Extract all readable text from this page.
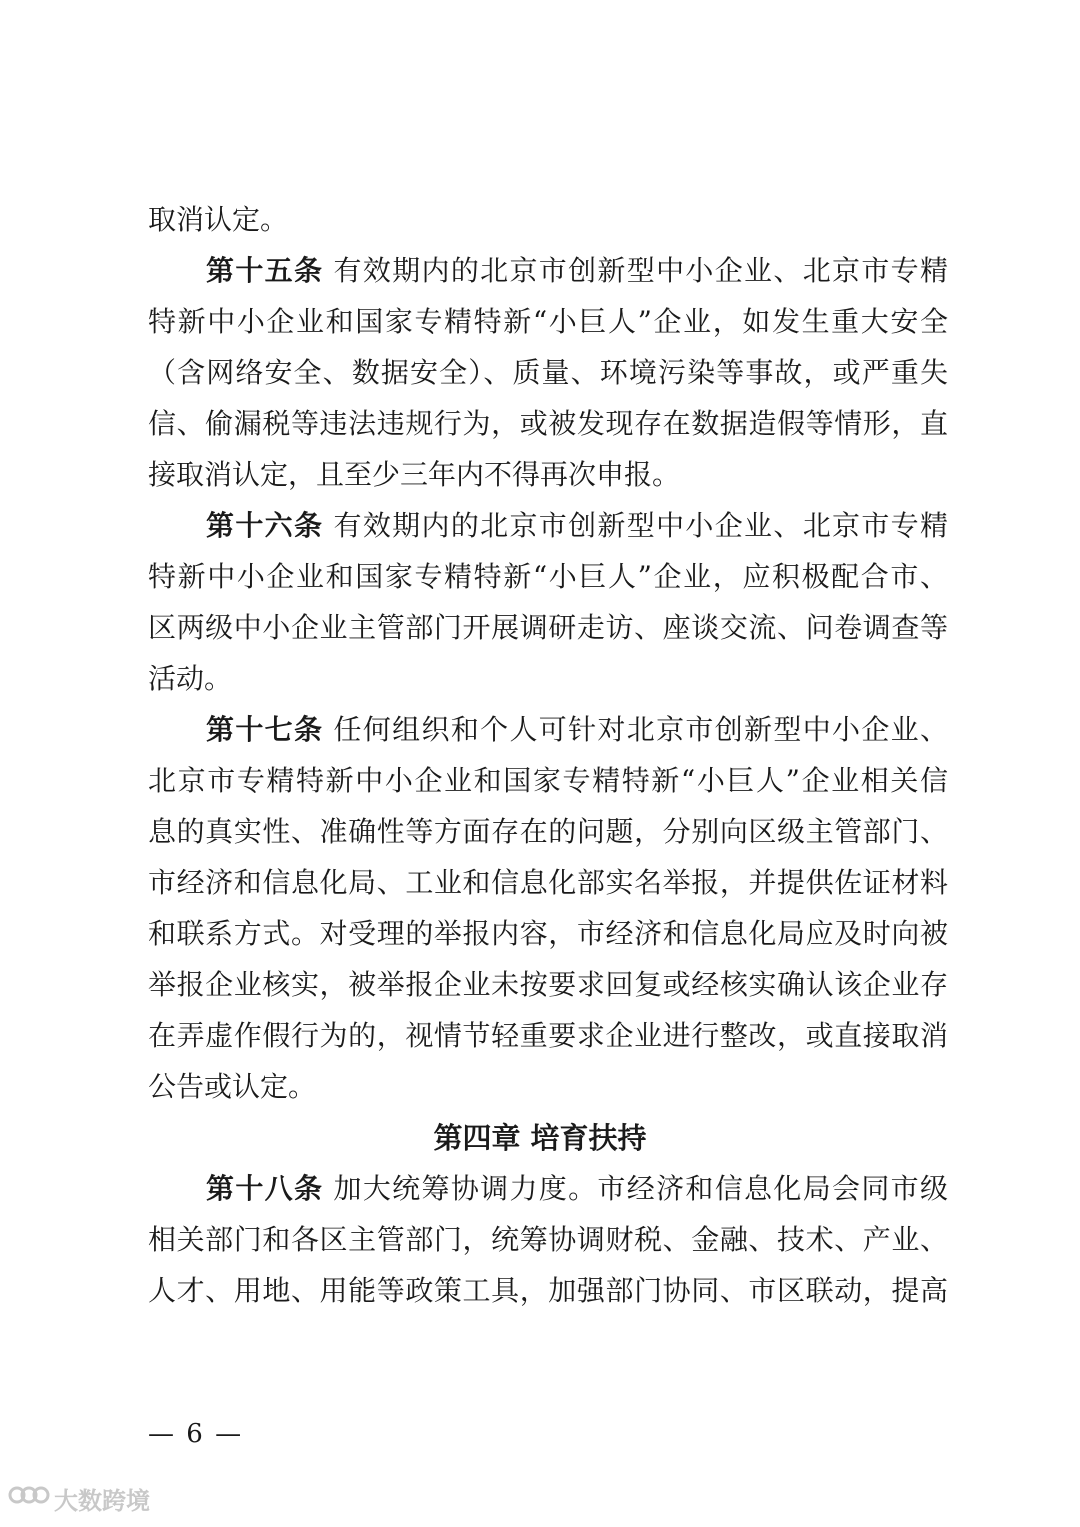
取消认定。
第十五条 有效期内的北京市创新型中小企业、北京市专精
特新中小企业和国家专精特新“小巨人”企业，如发生重大安全
（含网络安全、数据安全）、质量、环境污染等事故，或严重失
信、偷漏税等违法违规行为，或被发现存在数据造假等情形，直
接取消认定，且至少三年内不得再次申报。
第十六条 有效期内的北京市创新型中小企业、北京市专精
特新中小企业和国家专精特新“小巨人”企业，应积极配合市、
区两级中小企业主管部门开展调研走访、座谈交流、问卷调查等
活动。
第十七条 任何组织和个人可针对北京市创新型中小企业、
北京市专精特新中小企业和国家专精特新“小巨人”企业相关信
息的真实性、准确性等方面存在的问题，分别向区级主管部门、
市经济和信息化局、工业和信息化部实名举报，并提供佐证材料
和联系方式。对受理的举报内容，市经济和信息化局应及时向被
举报企业核实，被举报企业未按要求回复或经核实确认该企业存
在弄虚作假行为的，视情节轻重要求企业进行整改，或直接取消
公告或认定。
第四章 培育扶持
第十八条 加大统筹协调力度。市经济和信息化局会同市级
相关部门和各区主管部门，统筹协调财税、金融、技术、产业、
人才、用地、用能等政策工具，加强部门协同、市区联动，提高
— 6 —
大数跨境
